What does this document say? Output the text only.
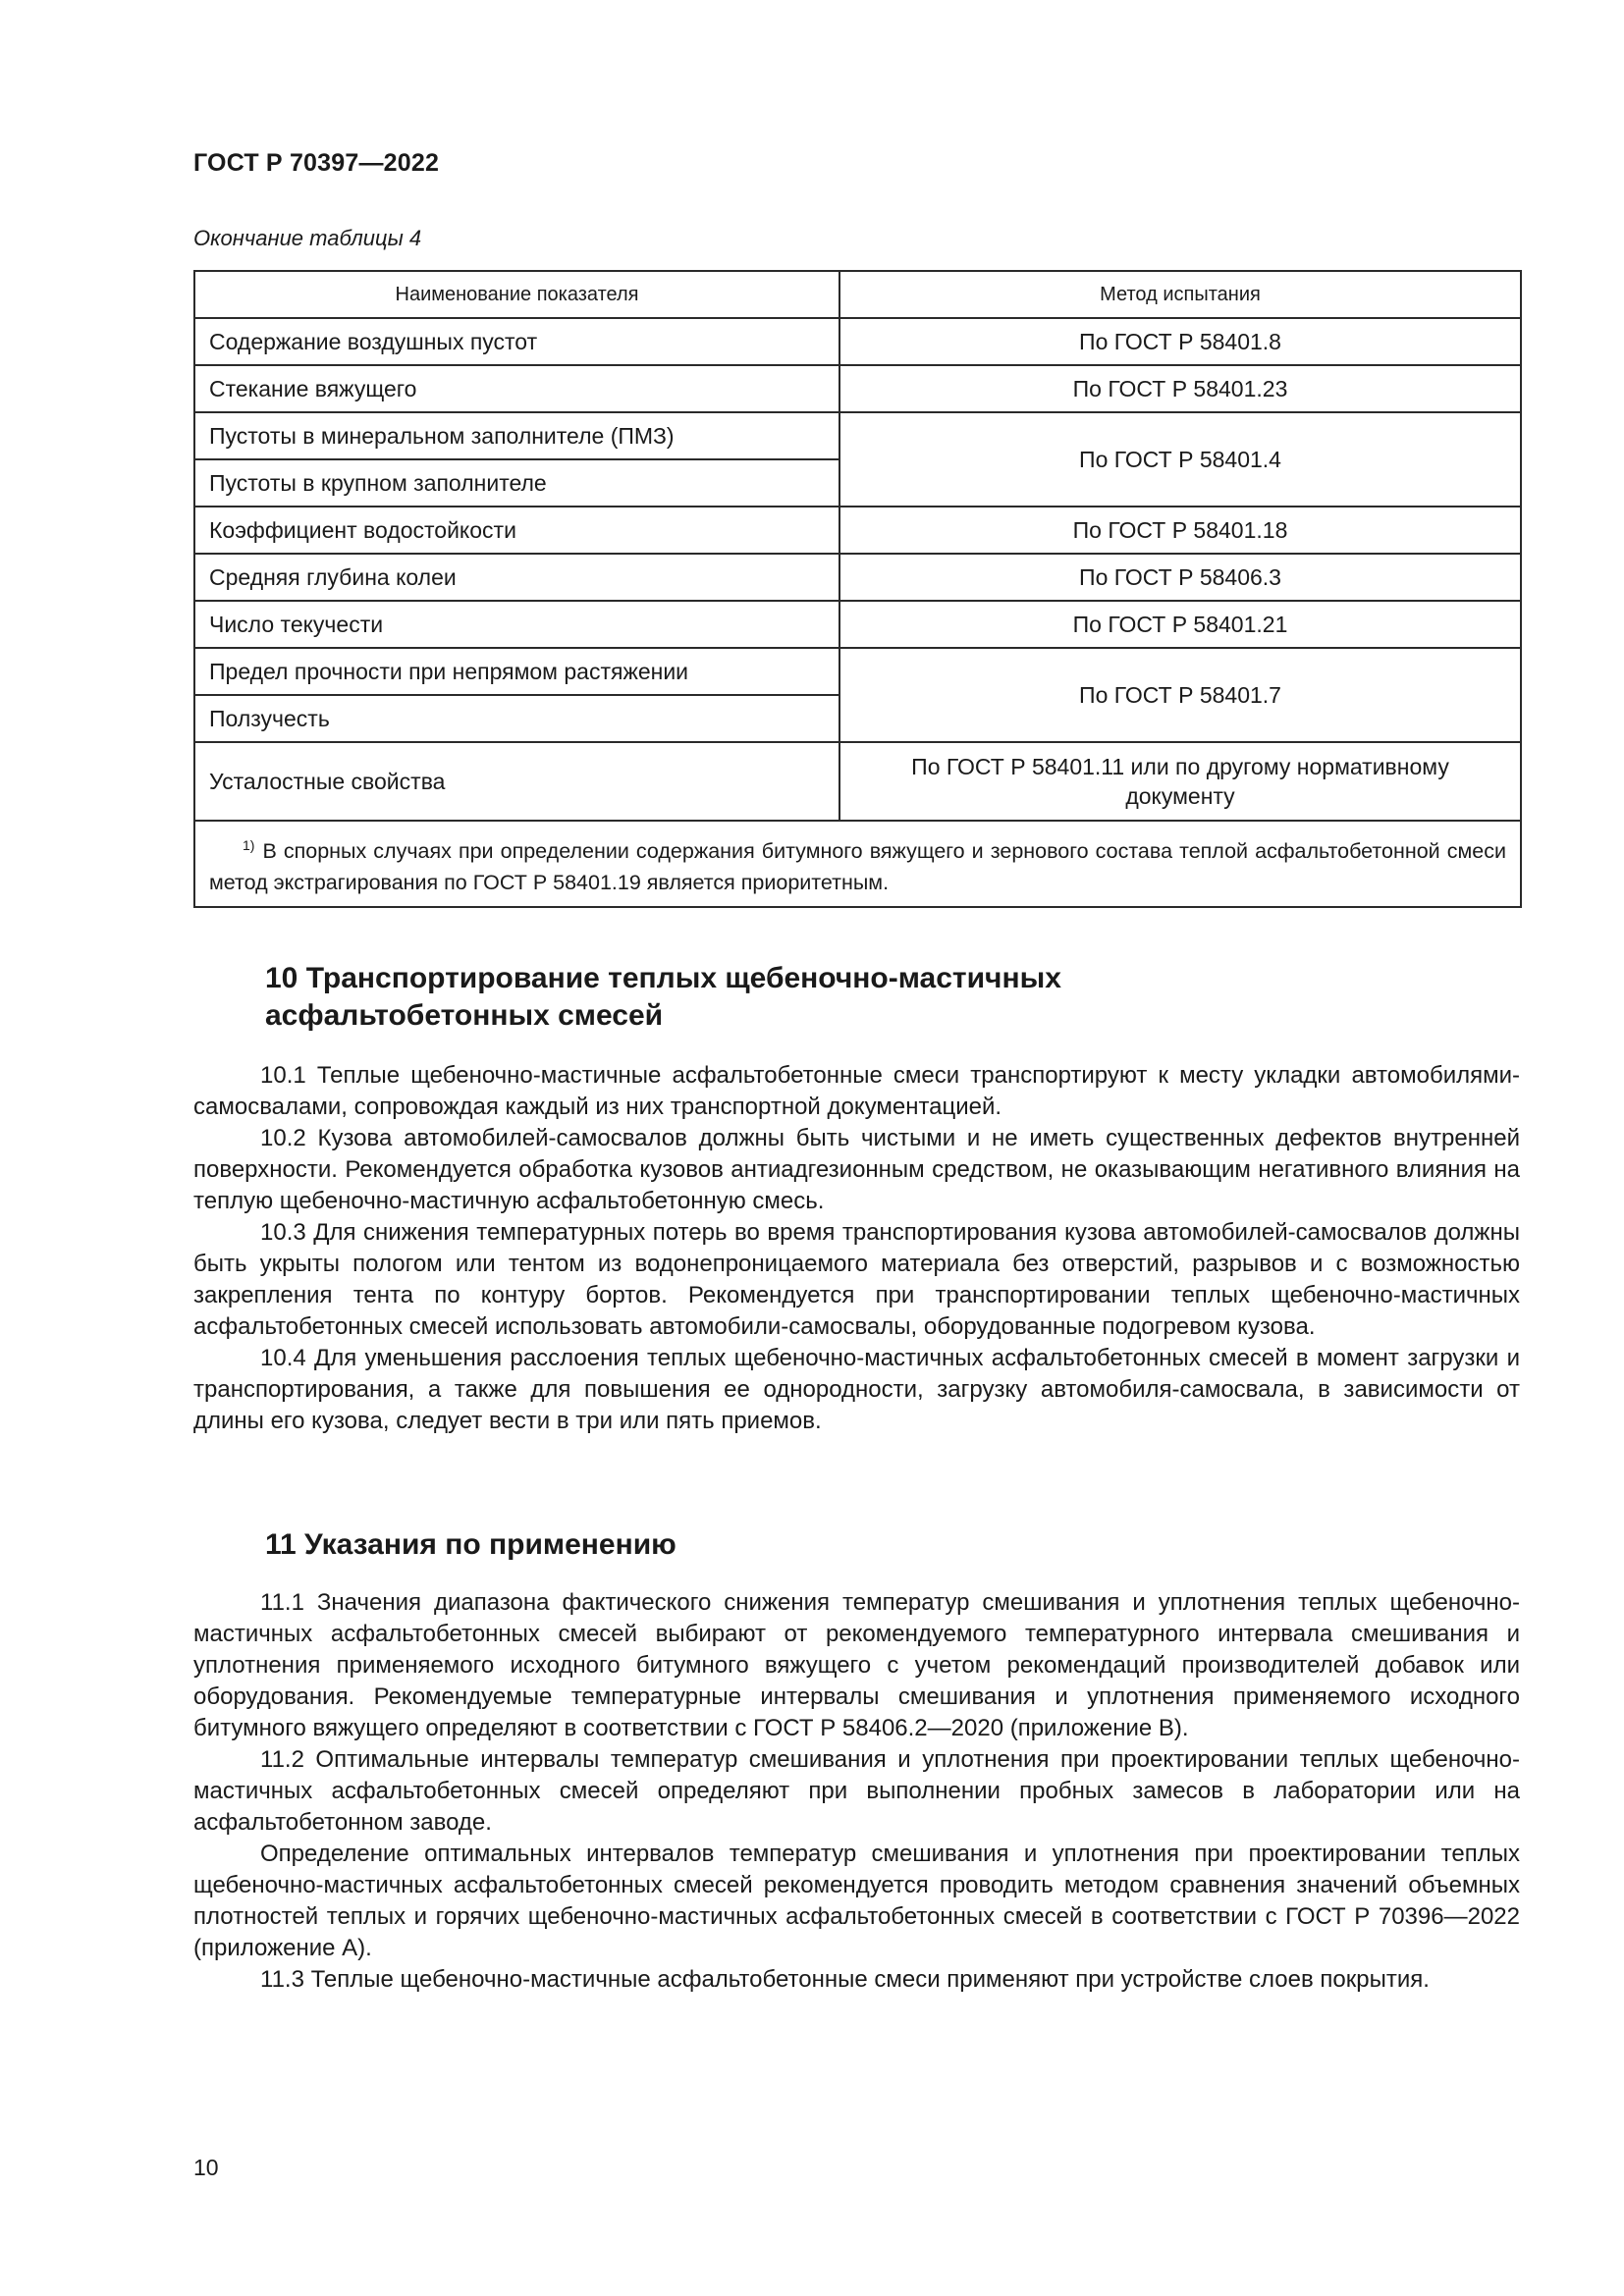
ГОСТ Р 70397—2022
Окончание таблицы 4
Наименование показателя	Метод испытания
Содержание воздушных пустот	По ГОСТ Р 58401.8
Стекание вяжущего	По ГОСТ Р 58401.23
Пустоты в минеральном заполнителе (ПМЗ)	По ГОСТ Р 58401.4
Пустоты в крупном заполнителе	
Коэффициент водостойкости	По ГОСТ Р 58401.18
Средняя глубина колеи	По ГОСТ Р 58406.3
Число текучести	По ГОСТ Р 58401.21
Предел прочности при непрямом растяжении	По ГОСТ Р 58401.7
Ползучесть	
Усталостные свойства	По ГОСТ Р 58401.11 или по другому нормативному документу
$^{1)}$ В спорных случаях при определении содержания битумного вяжущего и зернового состава теплой асфальтобетонной смеси метод экстрагирования по ГОСТ Р 58401.19 является приоритетным.	
10 Транспортирование теплых щебеночно-мастичных
асфальтобетонных смесей

10.1 Теплые щебеночно-мастичные асфальтобетонные смеси транспортируют к месту укладки автомобилями-самосвалами, сопровождая каждый из них транспортной документацией.

10.2 Кузова автомобилей-самосвалов должны быть чистыми и не иметь существенных дефектов внутренней поверхности. Рекомендуется обработка кузовов антиадгезионным средством, не оказывающим негативного влияния на теплую щебеночно-мастичную асфальтобетонную смесь.

10.3 Для снижения температурных потерь во время транспортирования кузова автомобилей-самосвалов должны быть укрыты пологом или тентом из водонепроницаемого материала без отверстий, разрывов и с возможностью закрепления тента по контуру бортов. Рекомендуется при транспортировании теплых щебеночно-мастичных асфальтобетонных смесей использовать автомобили-самосвалы, оборудованные подогревом кузова.

10.4 Для уменьшения расслоения теплых щебеночно-мастичных асфальтобетонных смесей в момент загрузки и транспортирования, а также для повышения ее однородности, загрузку автомобиля-самосвала, в зависимости от длины его кузова, следует вести в три или пять приемов.

11 Указания по применению

11.1 Значения диапазона фактического снижения температур смешивания и уплотнения теплых щебеночно-мастичных асфальтобетонных смесей выбирают от рекомендуемого температурного интервала смешивания и уплотнения применяемого исходного битумного вяжущего с учетом рекомендаций производителей добавок или оборудования. Рекомендуемые температурные интервалы смешивания и уплотнения применяемого исходного битумного вяжущего определяют в соответствии с ГОСТ Р 58406.2—2020 (приложение В).

11.2 Оптимальные интервалы температур смешивания и уплотнения при проектировании теплых щебеночно-мастичных асфальтобетонных смесей определяют при выполнении пробных замесов в лаборатории или на асфальтобетонном заводе.

Определение оптимальных интервалов температур смешивания и уплотнения при проектировании теплых щебеночно-мастичных асфальтобетонных смесей рекомендуется проводить методом сравнения значений объемных плотностей теплых и горячих щебеночно-мастичных асфальтобетонных смесей в соответствии с ГОСТ Р 70396—2022 (приложение А).

11.3 Теплые щебеночно-мастичные асфальтобетонные смеси применяют при устройстве слоев покрытия.

10
